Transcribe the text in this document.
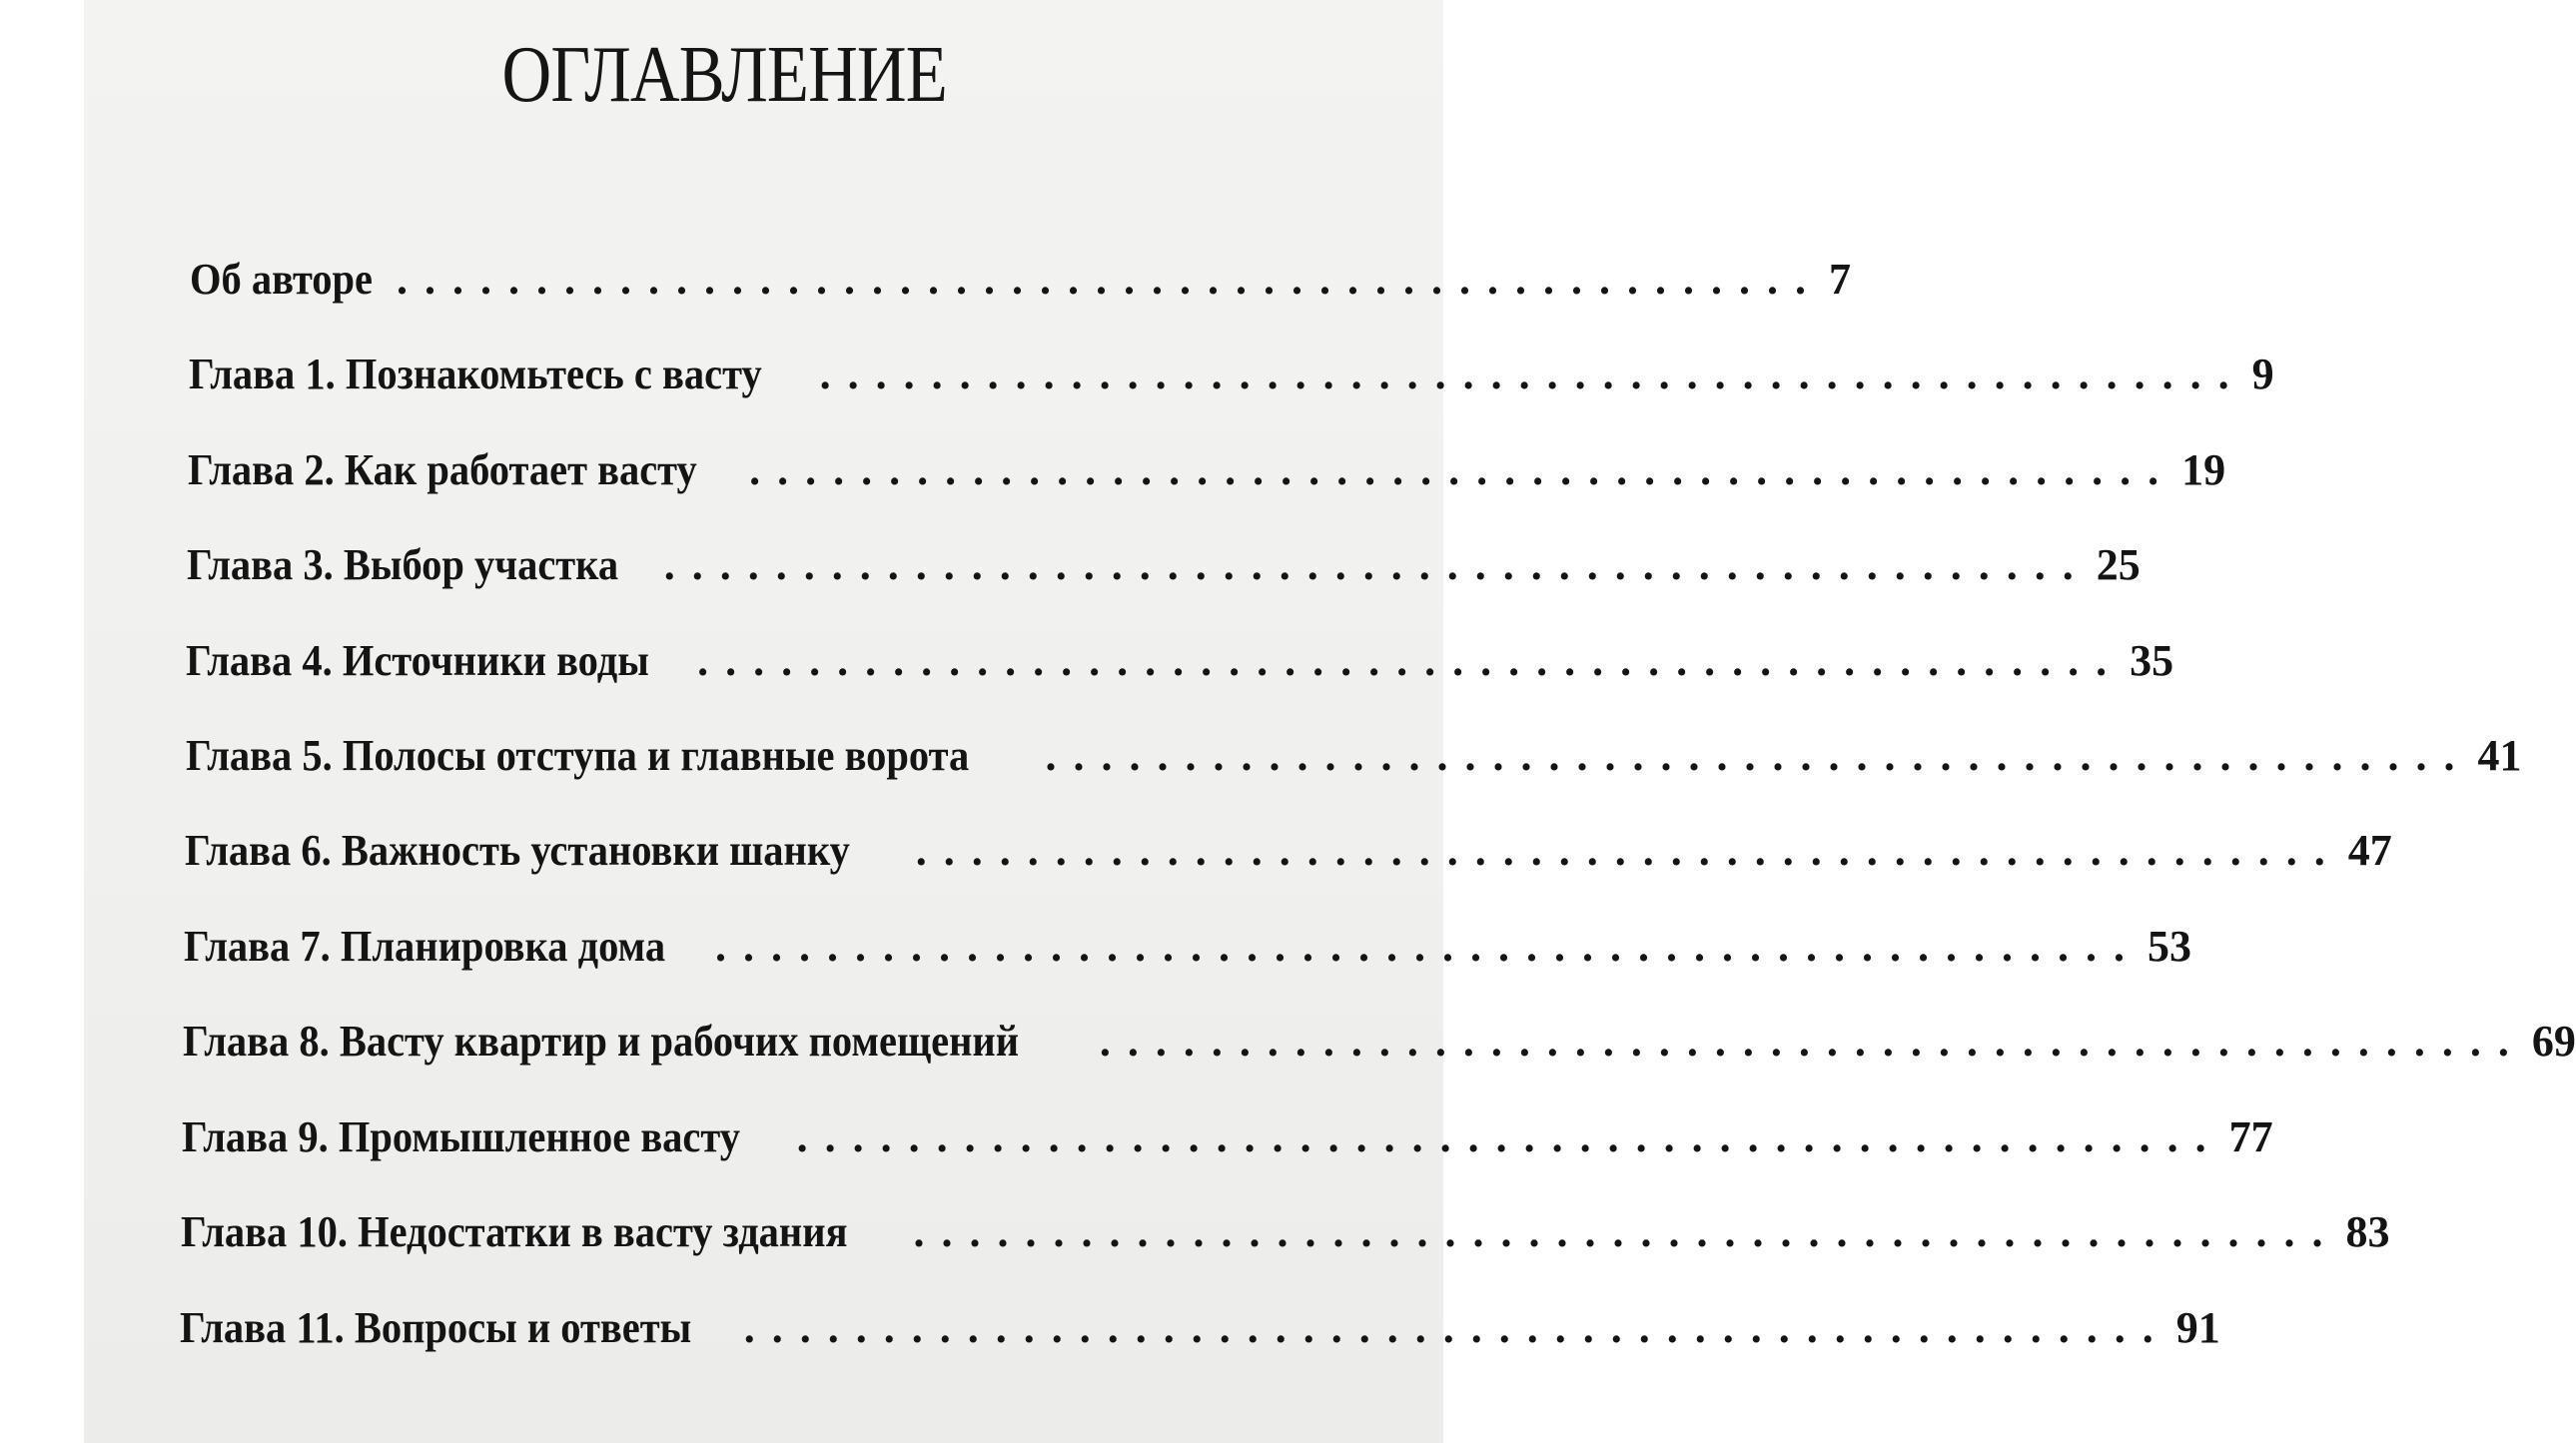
ОГЛАВЛЕНИЕ
Об авторе ................................................... 7
Глава 1. Познакомьтесь с васту ................................................... 9
Глава 2. Как работает васту ................................................... 19
Глава 3. Выбор участка ................................................... 25
Глава 4. Источники воды ................................................... 35
Глава 5. Полосы отступа и главные ворота ................................................... 41
Глава 6. Важность установки шанку ................................................... 47
Глава 7. Планировка дома ................................................... 53
Глава 8. Васту квартир и рабочих помещений ................................................... 69
Глава 9. Промышленное васту ................................................... 77
Глава 10. Недостатки в васту здания ................................................... 83
Глава 11. Вопросы и ответы ................................................... 91
